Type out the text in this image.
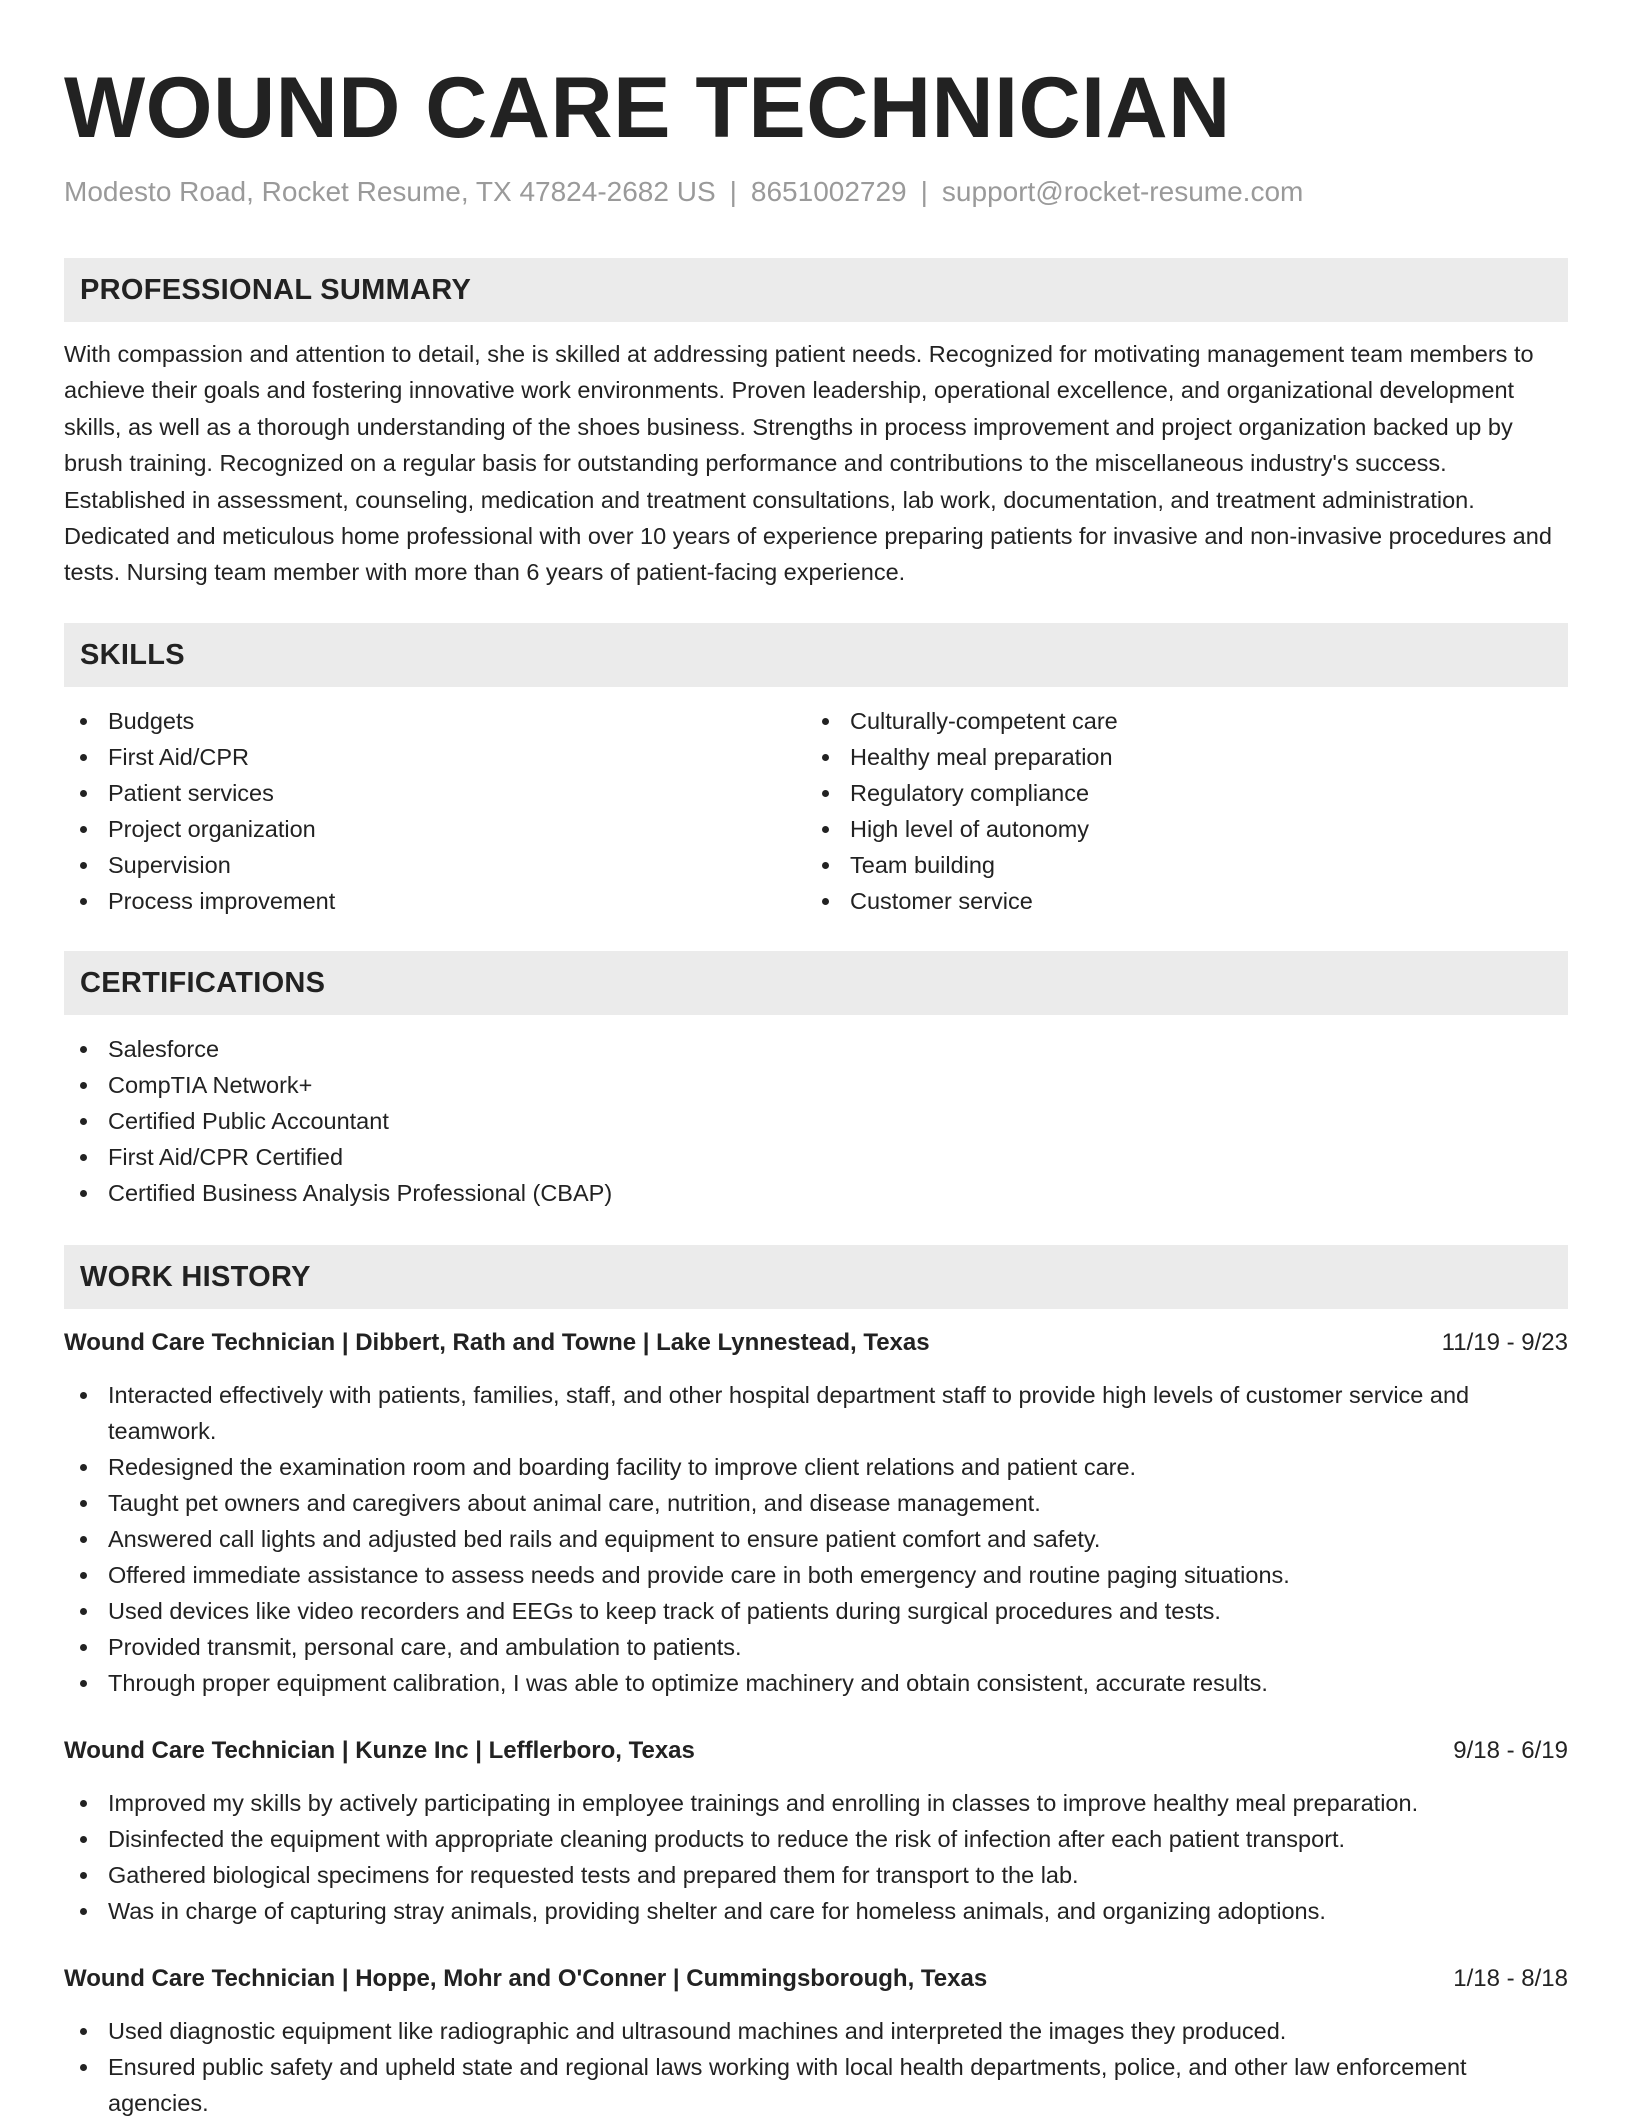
WOUND CARE TECHNICIAN
Modesto Road, Rocket Resume, TX 47824-2682 US | 8651002729 | support@rocket-resume.com
PROFESSIONAL SUMMARY

With compassion and attention to detail, she is skilled at addressing patient needs. Recognized for motivating management team members to achieve their goals and fostering innovative work environments. Proven leadership, operational excellence, and organizational development skills, as well as a thorough understanding of the shoes business. Strengths in process improvement and project organization backed up by brush training. Recognized on a regular basis for outstanding performance and contributions to the miscellaneous industry's success. Established in assessment, counseling, medication and treatment consultations, lab work, documentation, and treatment administration. Dedicated and meticulous home professional with over 10 years of experience preparing patients for invasive and non-invasive procedures and tests. Nursing team member with more than 6 years of patient-facing experience.

SKILLS
Budgets
First Aid/CPR
Patient services
Project organization
Supervision
Process improvement
Culturally-competent care
Healthy meal preparation
Regulatory compliance
High level of autonomy
Team building
Customer service
CERTIFICATIONS
Salesforce
CompTIA Network+
Certified Public Accountant
First Aid/CPR Certified
Certified Business Analysis Professional (CBAP)
WORK HISTORY
Wound Care Technician | Dibbert, Rath and Towne | Lake Lynnestead, Texas	11/19 - 9/23
Interacted effectively with patients, families, staff, and other hospital department staff to provide high levels of customer service and teamwork.
Redesigned the examination room and boarding facility to improve client relations and patient care.
Taught pet owners and caregivers about animal care, nutrition, and disease management.
Answered call lights and adjusted bed rails and equipment to ensure patient comfort and safety.
Offered immediate assistance to assess needs and provide care in both emergency and routine paging situations.
Used devices like video recorders and EEGs to keep track of patients during surgical procedures and tests.
Provided transmit, personal care, and ambulation to patients.
Through proper equipment calibration, I was able to optimize machinery and obtain consistent, accurate results.
Wound Care Technician | Kunze Inc | Lefflerboro, Texas	9/18 - 6/19
Improved my skills by actively participating in employee trainings and enrolling in classes to improve healthy meal preparation.
Disinfected the equipment with appropriate cleaning products to reduce the risk of infection after each patient transport.
Gathered biological specimens for requested tests and prepared them for transport to the lab.
Was in charge of capturing stray animals, providing shelter and care for homeless animals, and organizing adoptions.
Wound Care Technician | Hoppe, Mohr and O'Conner | Cummingsborough, Texas	1/18 - 8/18
Used diagnostic equipment like radiographic and ultrasound machines and interpreted the images they produced.
Ensured public safety and upheld state and regional laws working with local health departments, police, and other law enforcement agencies.
